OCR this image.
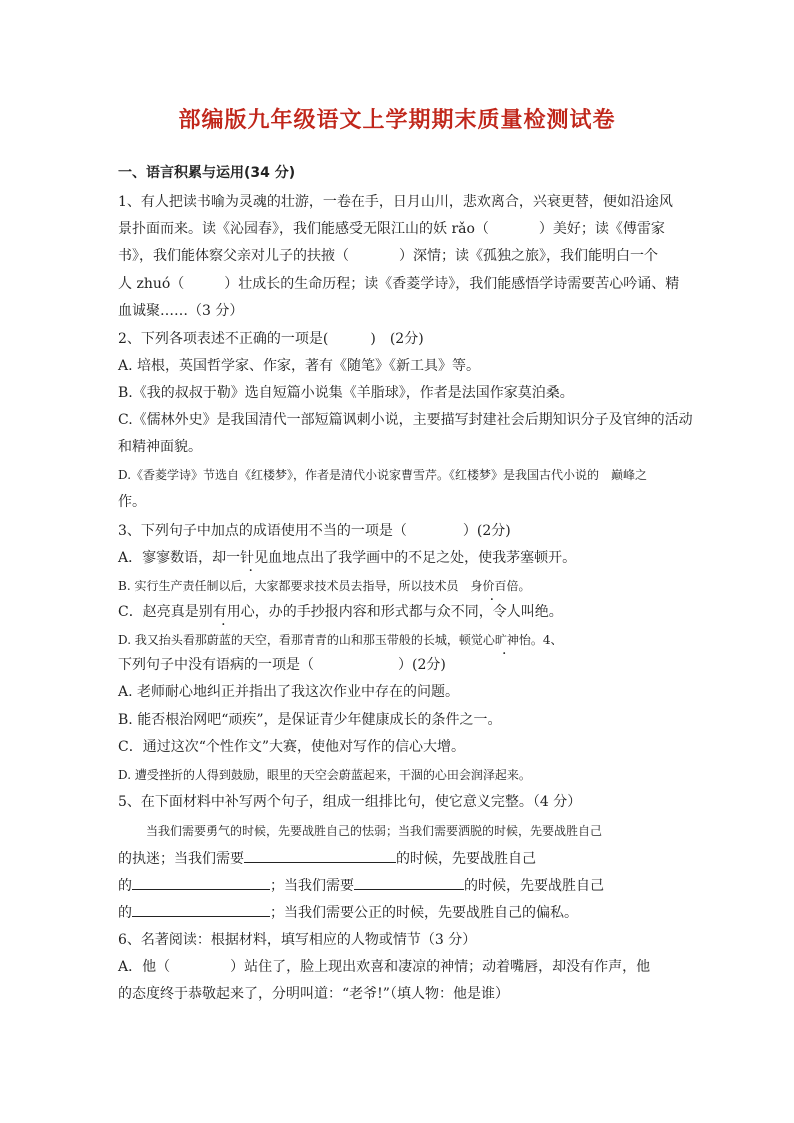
部编版九年级语文上学期期末质量检测试卷
一、语言积累与运用(34 分)
1、有人把读书喻为灵魂的壮游，一卷在手，日月山川，悲欢离合，兴衰更替，便如沿途风
景扑面而来。读《沁园春》，我们能感受无限江山的妖 rǎo（	）美好；读《傅雷家
书》，我们能体察父亲对儿子的扶掖（	）深情；读《孤独之旅》，我们能明白一个
人 zhuó（	）壮成长的生命历程；读《香菱学诗》，我们能感悟学诗需要苦心吟诵、精
血诚聚……（3 分）
2、下列各项表述不正确的一项是(　　　)　(2分)
A. 培根，英国哲学家、作家，著有《随笔》《新工具》等。
B.《我的叔叔于勒》选自短篇小说集《羊脂球》，作者是法国作家莫泊桑。
C.《儒林外史》是我国清代一部短篇讽刺小说，主要描写封建社会后期知识分子及官绅的活动
和精神面貌。
D.《香菱学诗》节选自《红楼梦》，作者是清代小说家曹雪芹。《红楼梦》是我国古代小说的　巅峰之
作。
3、下列句子中加点的成语使用不当的一项是（　　　　）(2分)
A．寥寥数语，却一针见血地点出了我学画中的不足之处，使我茅塞顿开。
B. 实行生产责任制以后，大家都要求技术员去指导，所以技术员　身价百倍。
C．赵亮真是别有用心，办的手抄报内容和形式都与众不同，令人叫绝。
D. 我又抬头看那蔚蓝的天空，看那青青的山和那玉带般的长城，顿觉心旷神怡。4、
下列句子中没有语病的一项是（　　　　　　）(2分)
A. 老师耐心地纠正并指出了我这次作业中存在的问题。
B. 能否根治网吧“顽疾”，是保证青少年健康成长的条件之一。
C．通过这次“个性作文”大赛，使他对写作的信心大增。
D. 遭受挫折的人得到鼓励，眼里的天空会蔚蓝起来，干涸的心田会润泽起来。
5、在下面材料中补写两个句子，组成一组排比句，使它意义完整。（4 分）
当我们需要勇气的时候，先要战胜自己的怯弱；当我们需要洒脱的时候，先要战胜自己
的执迷；当我们需要	的时候，先要战胜自己
的	；当我们需要	的时候，先要战胜自己
的	；当我们需要公正的时候，先要战胜自己的偏私。
6、名著阅读：根据材料，填写相应的人物或情节（3 分）
A．他（	）站住了，脸上现出欢喜和凄凉的神情；动着嘴唇，却没有作声，他
的态度终于恭敬起来了，分明叫道：“老爷!”（填人物：他是谁）
